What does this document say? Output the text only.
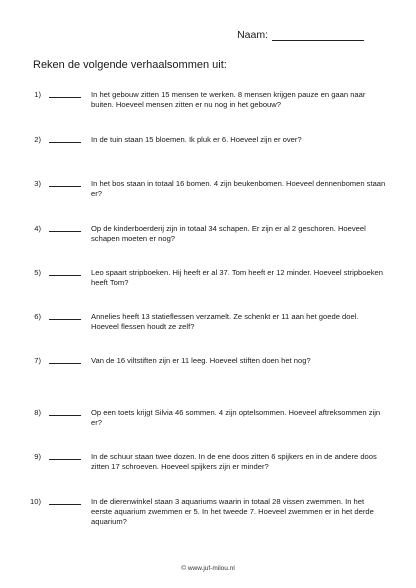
Naam:
Reken de volgende verhaalsommen uit:
1)	In het gebouw zitten 15 mensen te werken. 8 mensen krijgen pauze en gaan naar buiten. Hoeveel mensen zitten er nu nog in het gebouw?
2)	In de tuin staan 15 bloemen. Ik pluk er 6. Hoeveel zijn er over?
3)	In het bos staan in totaal 16 bomen. 4 zijn beukenbomen. Hoeveel dennenbomen staan er?
4)	Op de kinderboerderij zijn in totaal 34 schapen. Er zijn er al 2 geschoren. Hoeveel schapen moeten er nog?
5)	Leo spaart stripboeken. Hij heeft er al 37. Tom heeft er 12 minder. Hoeveel stripboeken heeft Tom?
6)	Annelies heeft 13 statieflessen verzamelt. Ze schenkt er 11 aan het goede doel. Hoeveel flessen houdt ze zelf?
7)	Van de 16 viltstiften zijn er 11 leeg. Hoeveel stiften doen het nog?
8)	Op een toets krijgt Silvia 46 sommen. 4 zijn optelsommen. Hoeveel aftreksommen zijn er?
9)	In de schuur staan twee dozen. In de ene doos zitten 6 spijkers en in de andere doos zitten 17 schroeven. Hoeveel spijkers zijn er minder?
10)	In de dierenwinkel staan 3 aquariums waarin in totaal 28 vissen zwemmen. In het eerste aquarium zwemmen er 5. In het tweede 7. Hoeveel zwemmen er in het derde aquarium?
© www.juf-milou.nl
